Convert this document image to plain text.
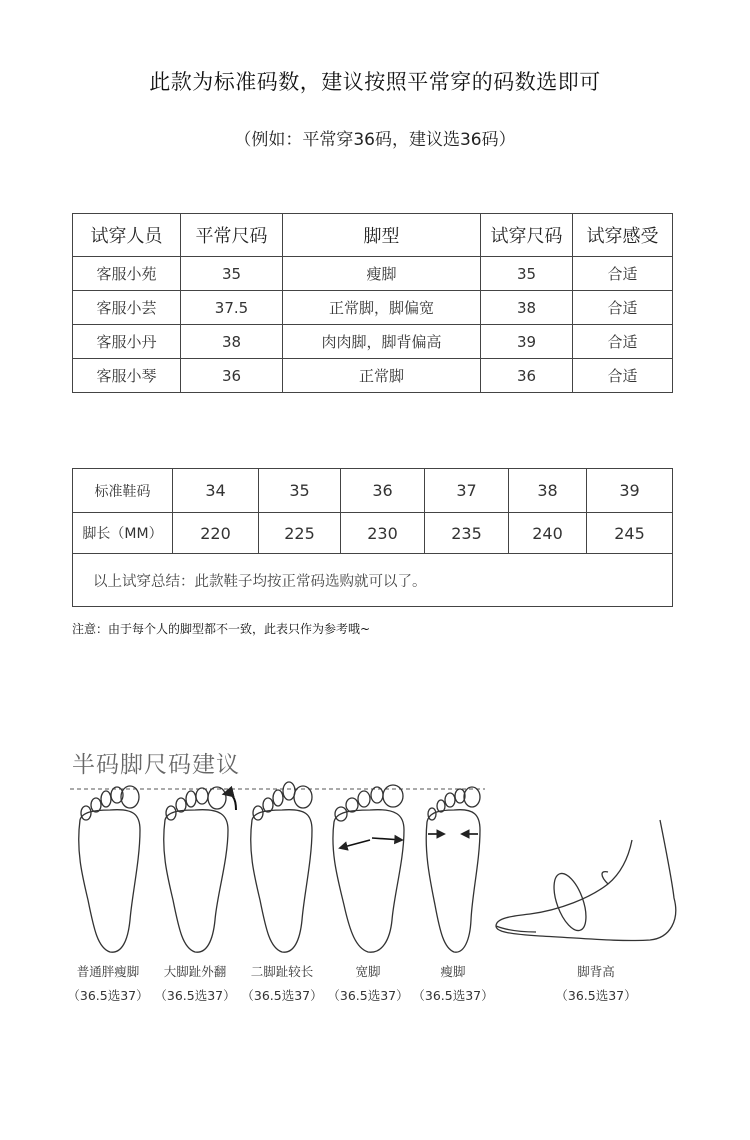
此款为标准码数，建议按照平常穿的码数选即可
（例如：平常穿36码，建议选36码）
试穿人员	平常尺码	脚型	试穿尺码	试穿感受
客服小苑	35	瘦脚	35	合适
客服小芸	37.5	正常脚，脚偏宽	38	合适
客服小丹	38	肉肉脚，脚背偏高	39	合适
客服小琴	36	正常脚	36	合适
标准鞋码	34	35	36	37	38	39
脚长（MM）	220	225	230	235	240	245
以上试穿总结：此款鞋子均按正常码选购就可以了。						
注意：由于每个人的脚型都不一致，此表只作为参考哦~
半码脚尺码建议
普通胖瘦脚
（36.5选37）
大脚趾外翻
（36.5选37）
二脚趾较长
（36.5选37）
宽脚
（36.5选37）
瘦脚
（36.5选37）
脚背高
（36.5选37）
